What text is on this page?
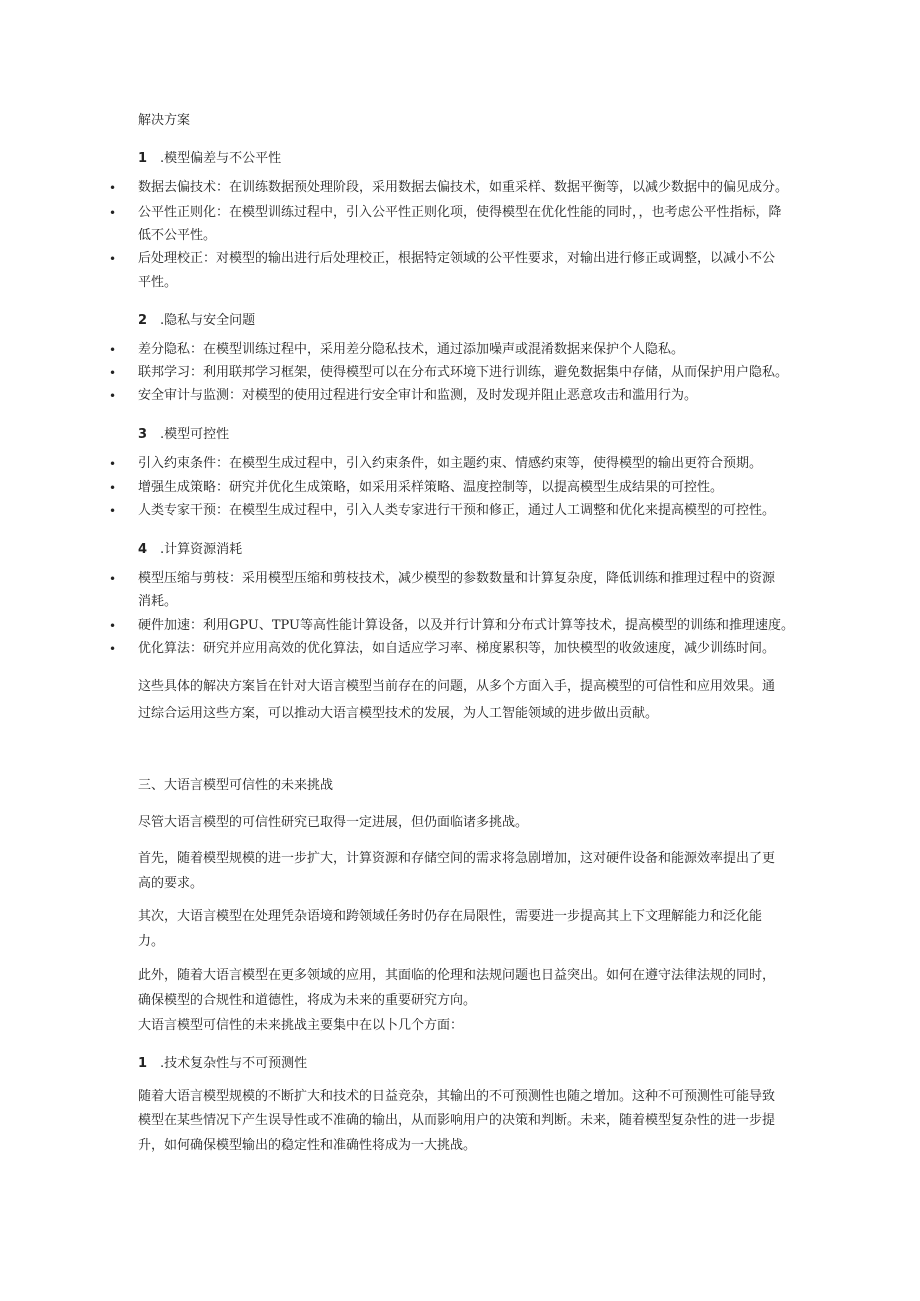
解决方案
1 .模型偏差与不公平性
• 数据去偏技术：在训练数据预处理阶段，采用数据去偏技术，如重采样、数据平衡等，以减少数据中的偏见成分。
• 公平性正则化：在模型训练过程中，引入公平性正则化项，使得模型在优化性能的同时，，也考虑公平性指标，降
低不公平性。
• 后处理校正：对模型的输出进行后处理校正，根据特定领域的公平性要求，对输出进行修正或调整，以减小不公
平性。
2 .隐私与安全问题
• 差分隐私：在模型训练过程中，采用差分隐私技术，通过添加噪声或混淆数据来保护个人隐私。
• 联邦学习：利用联邦学习框架，使得模型可以在分布式环境下进行训练，避免数据集中存储，从而保护用户隐私。
• 安全审计与监测：对模型的使用过程进行安全审计和监测，及时发现并阻止恶意攻击和滥用行为。
3 .模型可控性
• 引入约束条件：在模型生成过程中，引入约束条件，如主题约束、情感约束等，使得模型的输出更符合预期。
• 增强生成策略：研究并优化生成策略，如采用采样策略、温度控制等，以提高模型生成结果的可控性。
• 人类专家干预：在模型生成过程中，引入人类专家进行干预和修正，通过人工调整和优化来提高模型的可控性。
4 .计算资源消耗
• 模型压缩与剪枝：采用模型压缩和剪枝技术，减少模型的参数数量和计算复杂度，降低训练和推理过程中的资源
消耗。
• 硬件加速：利用GPU、TPU等高性能计算设备，以及并行计算和分布式计算等技术，提高模型的训练和推理速度。
• 优化算法：研究并应用高效的优化算法，如自适应学习率、梯度累积等，加快模型的收敛速度，减少训练时间。
这些具体的解决方案旨在针对大语言模型当前存在的问题，从多个方面入手，提高模型的可信性和应用效果。通
过综合运用这些方案，可以推动大语言模型技术的发展，为人工智能领域的进步做出贡献。
三、大语言模型可信性的未来挑战
尽管大语言模型的可信性研究已取得一定进展，但仍面临诸多挑战。
首先，随着模型规模的进一步扩大，计算资源和存储空间的需求将急剧增加，这对硬件设备和能源效率提出了更
高的要求。
其次，大语言模型在处理凭杂语境和跨领域任务时仍存在局限性，需要进一步提高其上下文理解能力和泛化能
力。
此外，随着大语言模型在更多领域的应用，其面临的伦理和法规问题也日益突出。如何在遵守法律法规的同时，
确保模型的合规性和道德性，将成为未来的重要研究方向。
大语言模型可信性的未来挑战主要集中在以卜几个方面：
1 .技术复杂性与不可预测性
随着大语言模型规模的不断扩大和技术的日益竞杂，其输出的不可预测性也随之增加。这种不可预测性可能导致
模型在某些情况下产生误导性或不准确的输出，从而影响用户的决策和判断。未来，随着模型复杂性的进一步提
升，如何确保模型输出的稳定性和准确性将成为一大挑战。
